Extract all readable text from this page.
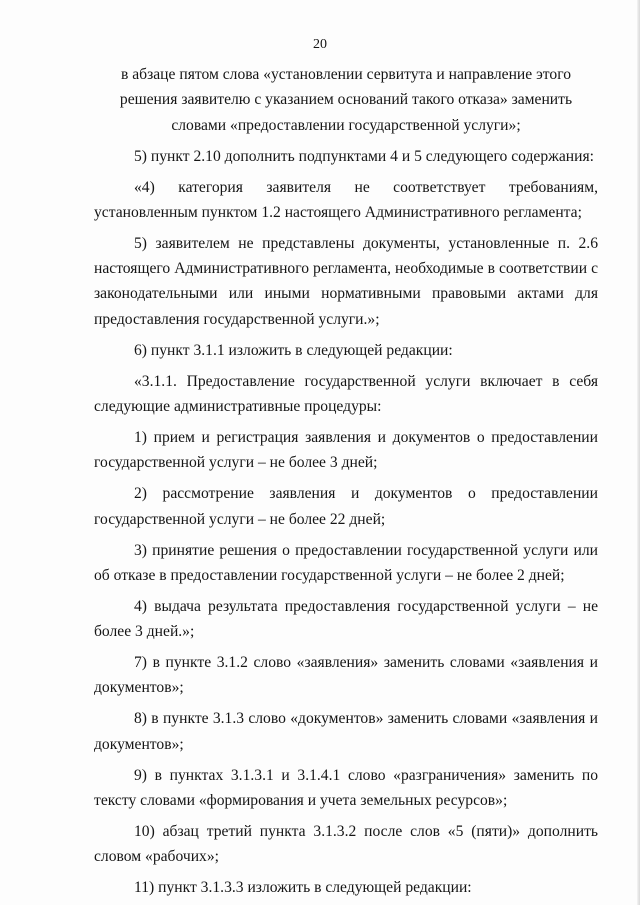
20

в абзаце пятом слова «установлении сервитута и направление этого решения заявителю с указанием оснований такого отказа» заменить словами «предоставлении государственной услуги»;

5) пункт 2.10 дополнить подпунктами 4 и 5 следующего содержания:

«4) категория заявителя не соответствует требованиям, установленным пунктом 1.2 настоящего Административного регламента;

5) заявителем не представлены документы, установленные п. 2.6 настоящего Административного регламента, необходимые в соответствии с законодательными или иными нормативными правовыми актами для предоставления государственной услуги.»;

6) пункт 3.1.1 изложить в следующей редакции:

«3.1.1. Предоставление государственной услуги включает в себя следующие административные процедуры:

1) прием и регистрация заявления и документов о предоставлении государственной услуги – не более 3 дней;

2) рассмотрение заявления и документов о предоставлении государственной услуги – не более 22 дней;

3) принятие решения о предоставлении государственной услуги или об отказе в предоставлении государственной услуги – не более 2 дней;

4) выдача результата предоставления государственной услуги – не более 3 дней.»;

7) в пункте 3.1.2 слово «заявления» заменить словами «заявления и документов»;

8) в пункте 3.1.3 слово «документов» заменить словами «заявления и документов»;

9) в пунктах 3.1.3.1 и 3.1.4.1 слово «разграничения» заменить по тексту словами «формирования и учета земельных ресурсов»;

10) абзац третий пункта 3.1.3.2 после слов «5 (пяти)» дополнить словом «рабочих»;

11) пункт 3.1.3.3 изложить в следующей редакции:
